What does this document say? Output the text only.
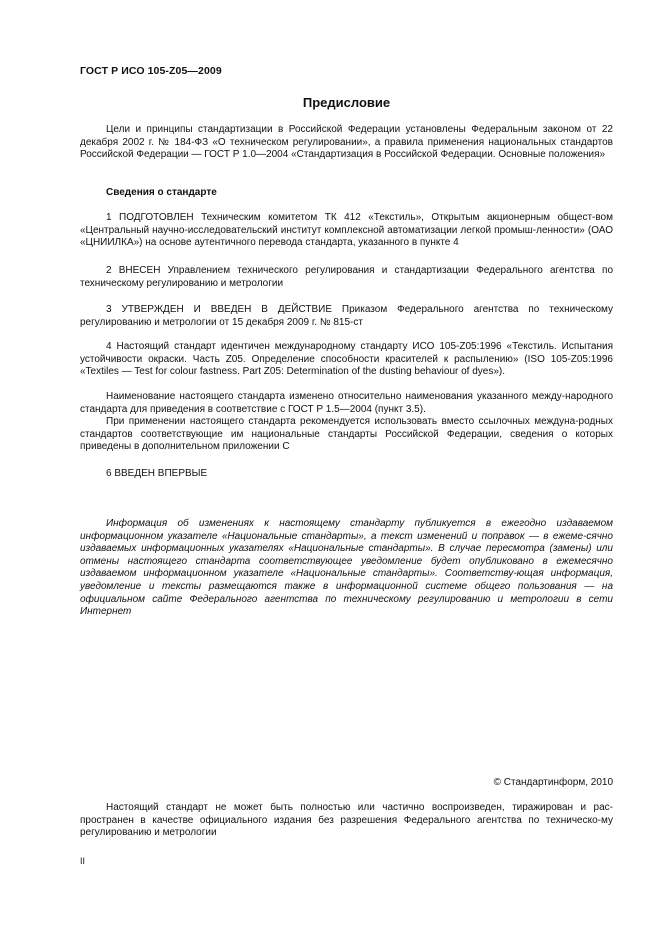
ГОСТ Р ИСО 105-Z05—2009
Предисловие

Цели и принципы стандартизации в Российской Федерации установлены Федеральным законом от 22 декабря 2002 г. № 184-ФЗ «О техническом регулировании», а правила применения национальных стандартов Российской Федерации — ГОСТ Р 1.0—2004 «Стандартизация в Российской Федерации. Основные положения»

Сведения о стандарте

1 ПОДГОТОВЛЕН Техническим комитетом ТК 412 «Текстиль», Открытым акционерным общест-вом «Центральный научно-исследовательский институт комплексной автоматизации легкой промыш-ленности» (ОАО «ЦНИИЛКА») на основе аутентичного перевода стандарта, указанного в пункте 4

2 ВНЕСЕН Управлением технического регулирования и стандартизации Федерального агентства по техническому регулированию и метрологии

3 УТВЕРЖДЕН И ВВЕДЕН В ДЕЙСТВИЕ Приказом Федерального агентства по техническому регулированию и метрологии от 15 декабря 2009 г. № 815-ст

4 Настоящий стандарт идентичен международному стандарту ИСО 105-Z05:1996 «Текстиль. Испытания устойчивости окраски. Часть Z05. Определение способности красителей к распылению» (ISO 105-Z05:1996 «Textiles — Test for colour fastness. Part Z05: Determination of the dusting behaviour of dyes»).

Наименование настоящего стандарта изменено относительно наименования указанного между-народного стандарта для приведения в соответствие с ГОСТ Р 1.5—2004 (пункт 3.5).

При применении настоящего стандарта рекомендуется использовать вместо ссылочных междуна-родных стандартов соответствующие им национальные стандарты Российской Федерации, сведения о которых приведены в дополнительном приложении С

6 ВВЕДЕН ВПЕРВЫЕ

Информация об изменениях к настоящему стандарту публикуется в ежегодно издаваемом информационном указателе «Национальные стандарты», а текст изменений и поправок — в ежеме-сячно издаваемых информационных указателях «Национальные стандарты». В случае пересмотра (замены) или отмены настоящего стандарта соответствующее уведомление будет опубликовано в ежемесячно издаваемом информационном указателе «Национальные стандарты». Соответству-ющая информация, уведомление и тексты размещаются также в информационной системе общего пользования — на официальном сайте Федерального агентства по техническому регулированию и метрологии в сети Интернет

© Стандартинформ, 2010

Настоящий стандарт не может быть полностью или частично воспроизведен, тиражирован и рас-пространен в качестве официального издания без разрешения Федерального агентства по техническо-му регулированию и метрологии

II
